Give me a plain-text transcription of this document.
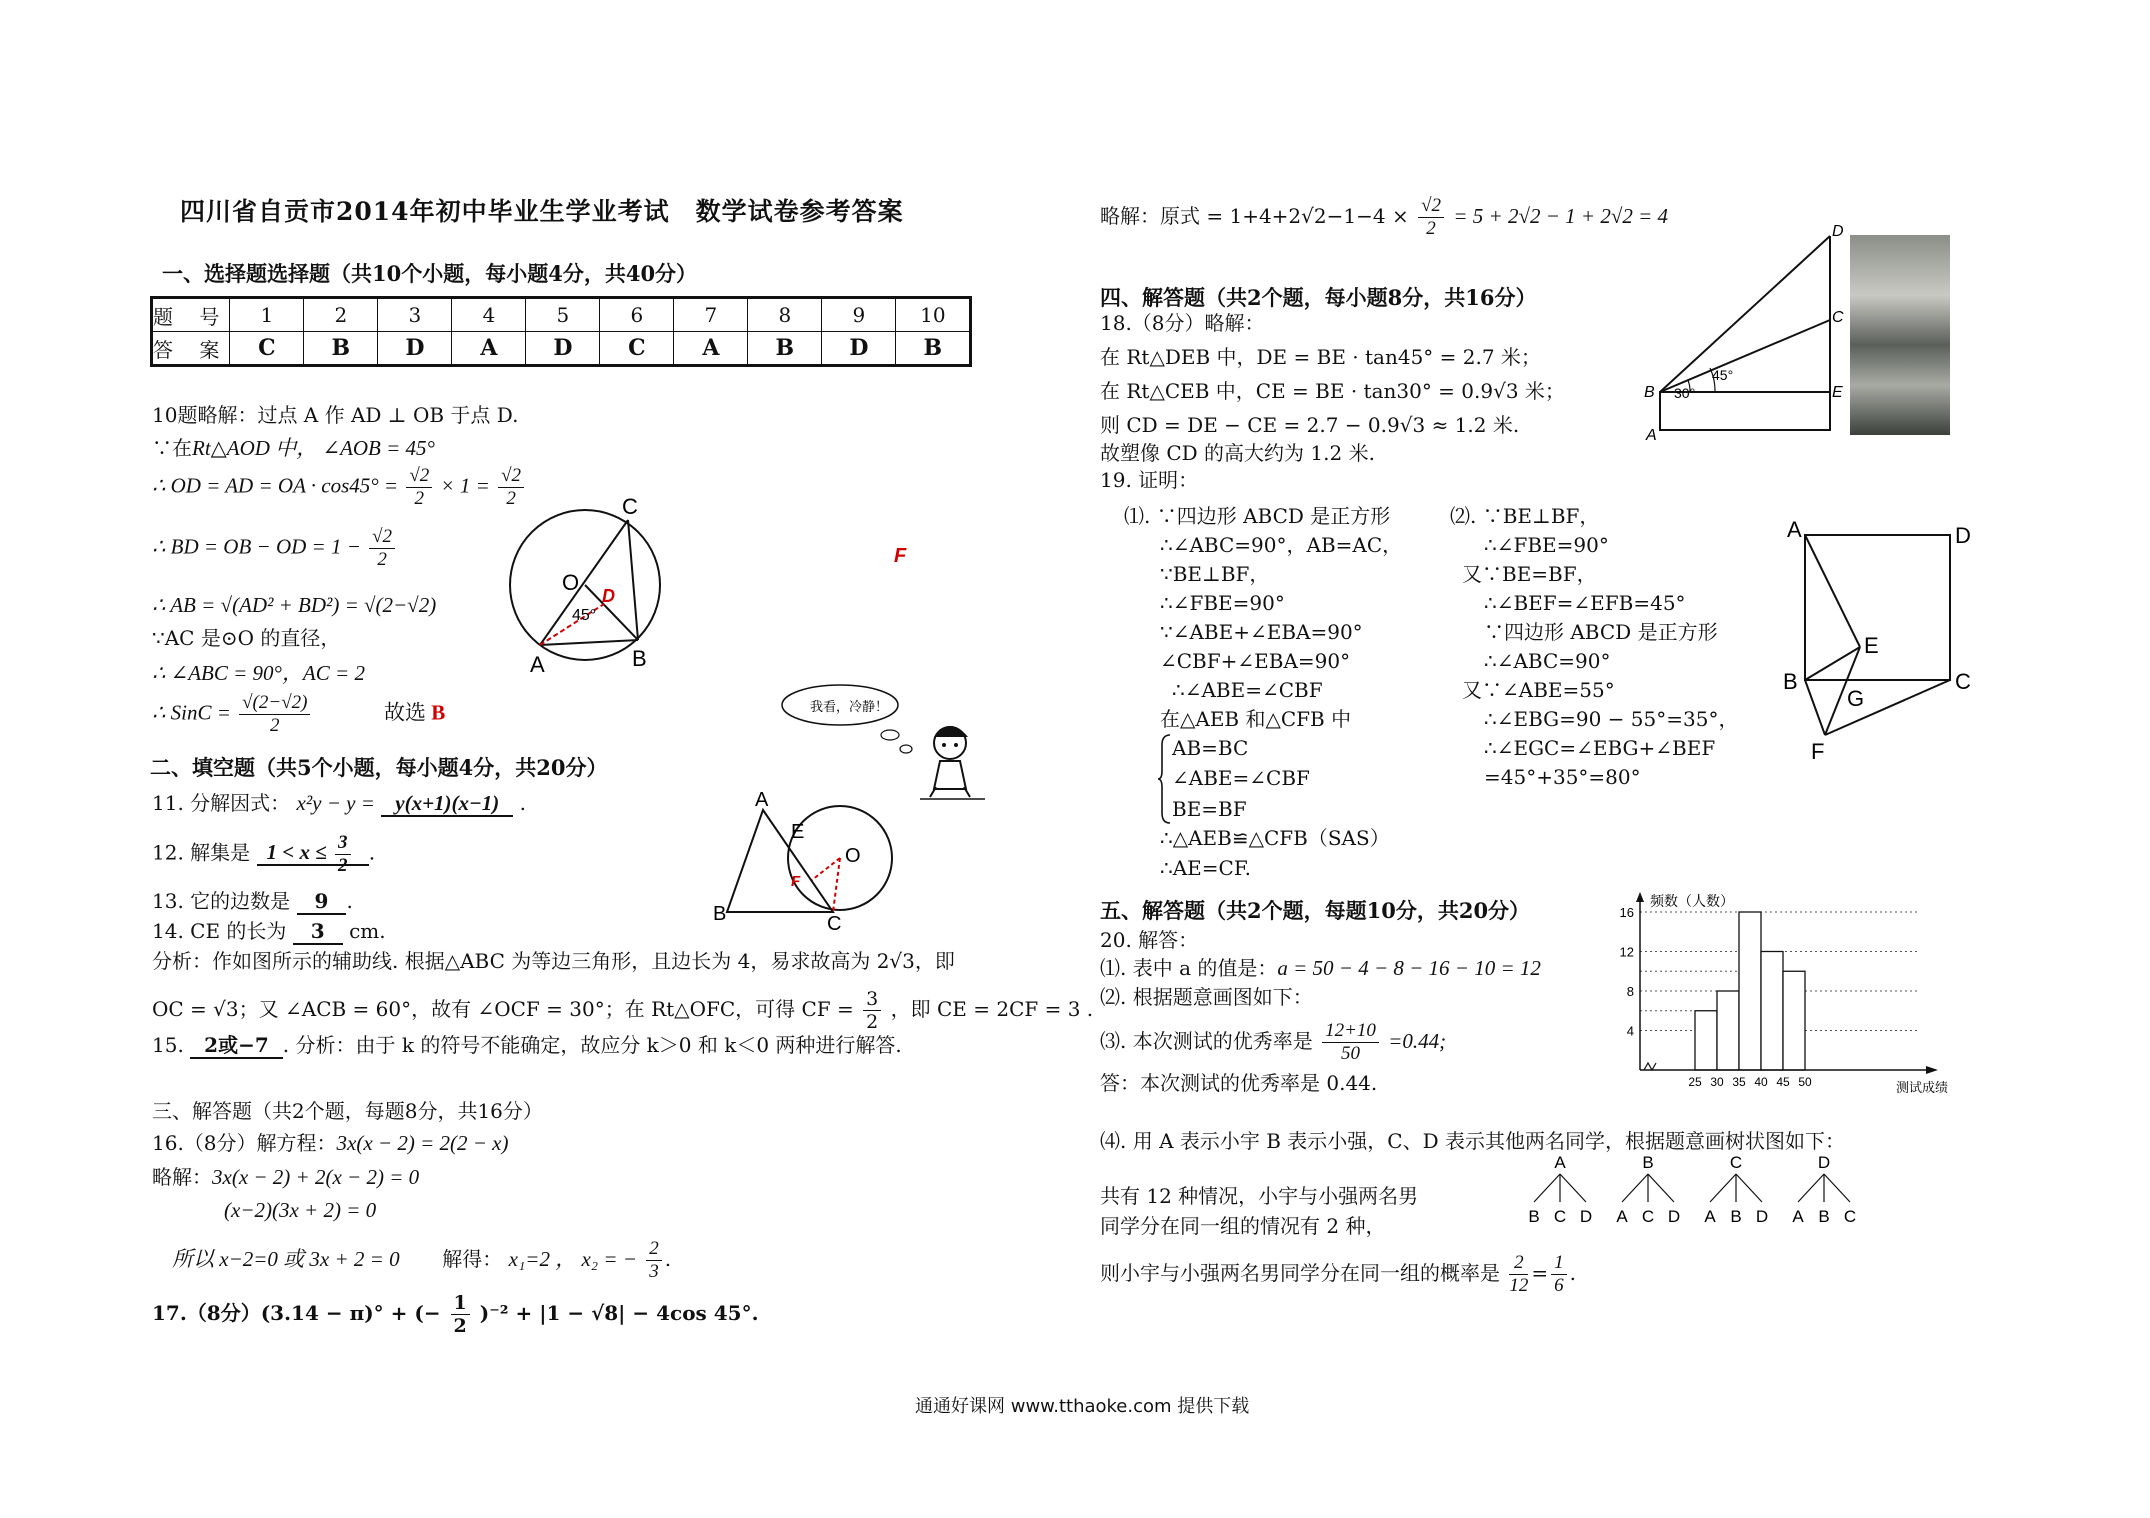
四川省自贡市2014年初中毕业生学业考试　数学试卷参考答案
一、选择题选择题（共10个小题，每小题4分，共40分）
题 号	1	2	3	4	5	6	7	8	9	10
答 案	C	B	D	A	D	C	A	B	D	B
10题略解：过点 A 作 AD ⊥ OB 于点 D.
∵在Rt△AOD 中， ∠AOB = 45°
∴ OD = AD = OA · $\cos 45^\circ = \frac{√2}{2} \times 1 = \frac{√2}{2}$
∴ BD = OB − OD = $1 - \frac{√2}{2}$
∴ AB = √(AD² + BD²) = √(2−√2)
∵AC 是⊙O 的直径，
∴ ∠ABC = 90°，AC = 2
∴ SinC = $\frac{√(2-√2)}{2}$	故选 B
C
O
D
45°
A	B
F
我看，冷静！
二、填空题（共5个小题，每小题4分，共20分）
11. 分解因式： x²y − y = y(x+1)(x−1) .
12. 解集是 $1 < x \le \frac{3}{2}$ .
13. 它的边数是 9 .
14. CE 的长为 3 cm.
分析：作如图所示的辅助线. 根据△ABC 为等边三角形，且边长为 4，易求故高为 2√3，即
OC = √3；又 ∠ACB = 60°，故有 ∠OCF = 30°；在 Rt△OFC，可得 CF = $\frac{3}{2}$ ，即 CE = 2CF = 3 .
15. 2或−7 . 分析：由于 k 的符号不能确定，故应分 k＞0 和 k＜0 两种进行解答.
A
E
F
O
B	C
三、解答题（共2个题，每题8分，共16分）
16.（8分）解方程：3x(x − 2) = 2(2 − x)
略解：3x(x − 2) + 2(x − 2) = 0
(x−2)(3x + 2) = 0
所以 x−2=0 或 3x + 2 = 0 解得： x₁=2 ， x₂ = − $\frac{2}{3}$ .
17.（8分）(3.14 − π)° + (− $\frac{1}{2} )^{-2} + |1 - √8| - 4\cos$ 45°.
略解：原式 = $1+4+2√2-1-4 \times \frac{√2}{2} = 5 + 2√2 - 1 + 2√2 = 4$
四、解答题（共2个题，每小题8分，共16分）
18.（8分）略解：
在 Rt△DEB 中，DE = BE · tan45° = 2.7 米；
在 Rt△CEB 中，CE = BE · tan30° = 0.9√3 米；
则 CD = DE − CE = 2.7 − 0.9√3 ≈ 1.2 米.
故塑像 CD 的高大约为 1.2 米.
D
C
B	E
A
45°
30°
19. 证明：
⑴. ∵四边形 ABCD 是正方形
∴∠ABC=90°，AB=AC，
∵BE⊥BF，
∴∠FBE=90°
∵∠ABE+∠EBA=90°
∠CBF+∠EBA=90°
∴∠ABE=∠CBF
在△AEB 和△CFB 中
AB=BC
∠ABE=∠CBF
BE=BF
∴△AEB≌△CFB（SAS）
∴AE=CF.
⑵. ∵BE⊥BF，
∴∠FBE=90°
又∵BE=BF，
∴∠BEF=∠EFB=45°
∵四边形 ABCD 是正方形
∴∠ABC=90°
又∵∠ABE=55°
∴∠EBG=90 − 55°=35°，
∴∠EGC=∠EBG+∠BEF
=45°+35°=80°
A	D
E
B
G
C
F
五、解答题（共2个题，每题10分，共20分）
20. 解答：
⑴. 表中 a 的值是：a = 50 − 4 − 8 − 16 − 10 = 12
⑵. 根据题意画图如下：
⑶. 本次测试的优秀率是 $\frac{12+10}{50} =0.44$;
答：本次测试的优秀率是 0.44.
频数（人数）
测试成绩
4
8
12
16
25 30 35 40 45 50
⑷. 用 A 表示小宇 B 表示小强，C、D 表示其他两名同学，根据题意画树状图如下：
共有 12 种情况，小宇与小强两名男
同学分在同一组的情况有 2 种，
则小宇与小强两名男同学分在同一组的概率是 $\frac{2}{12} = \frac{1}{6}$ .
A
B C D
B
A C D
C
A B D
D
A B C
通通好课网 www.tthaoke.com 提供下载
